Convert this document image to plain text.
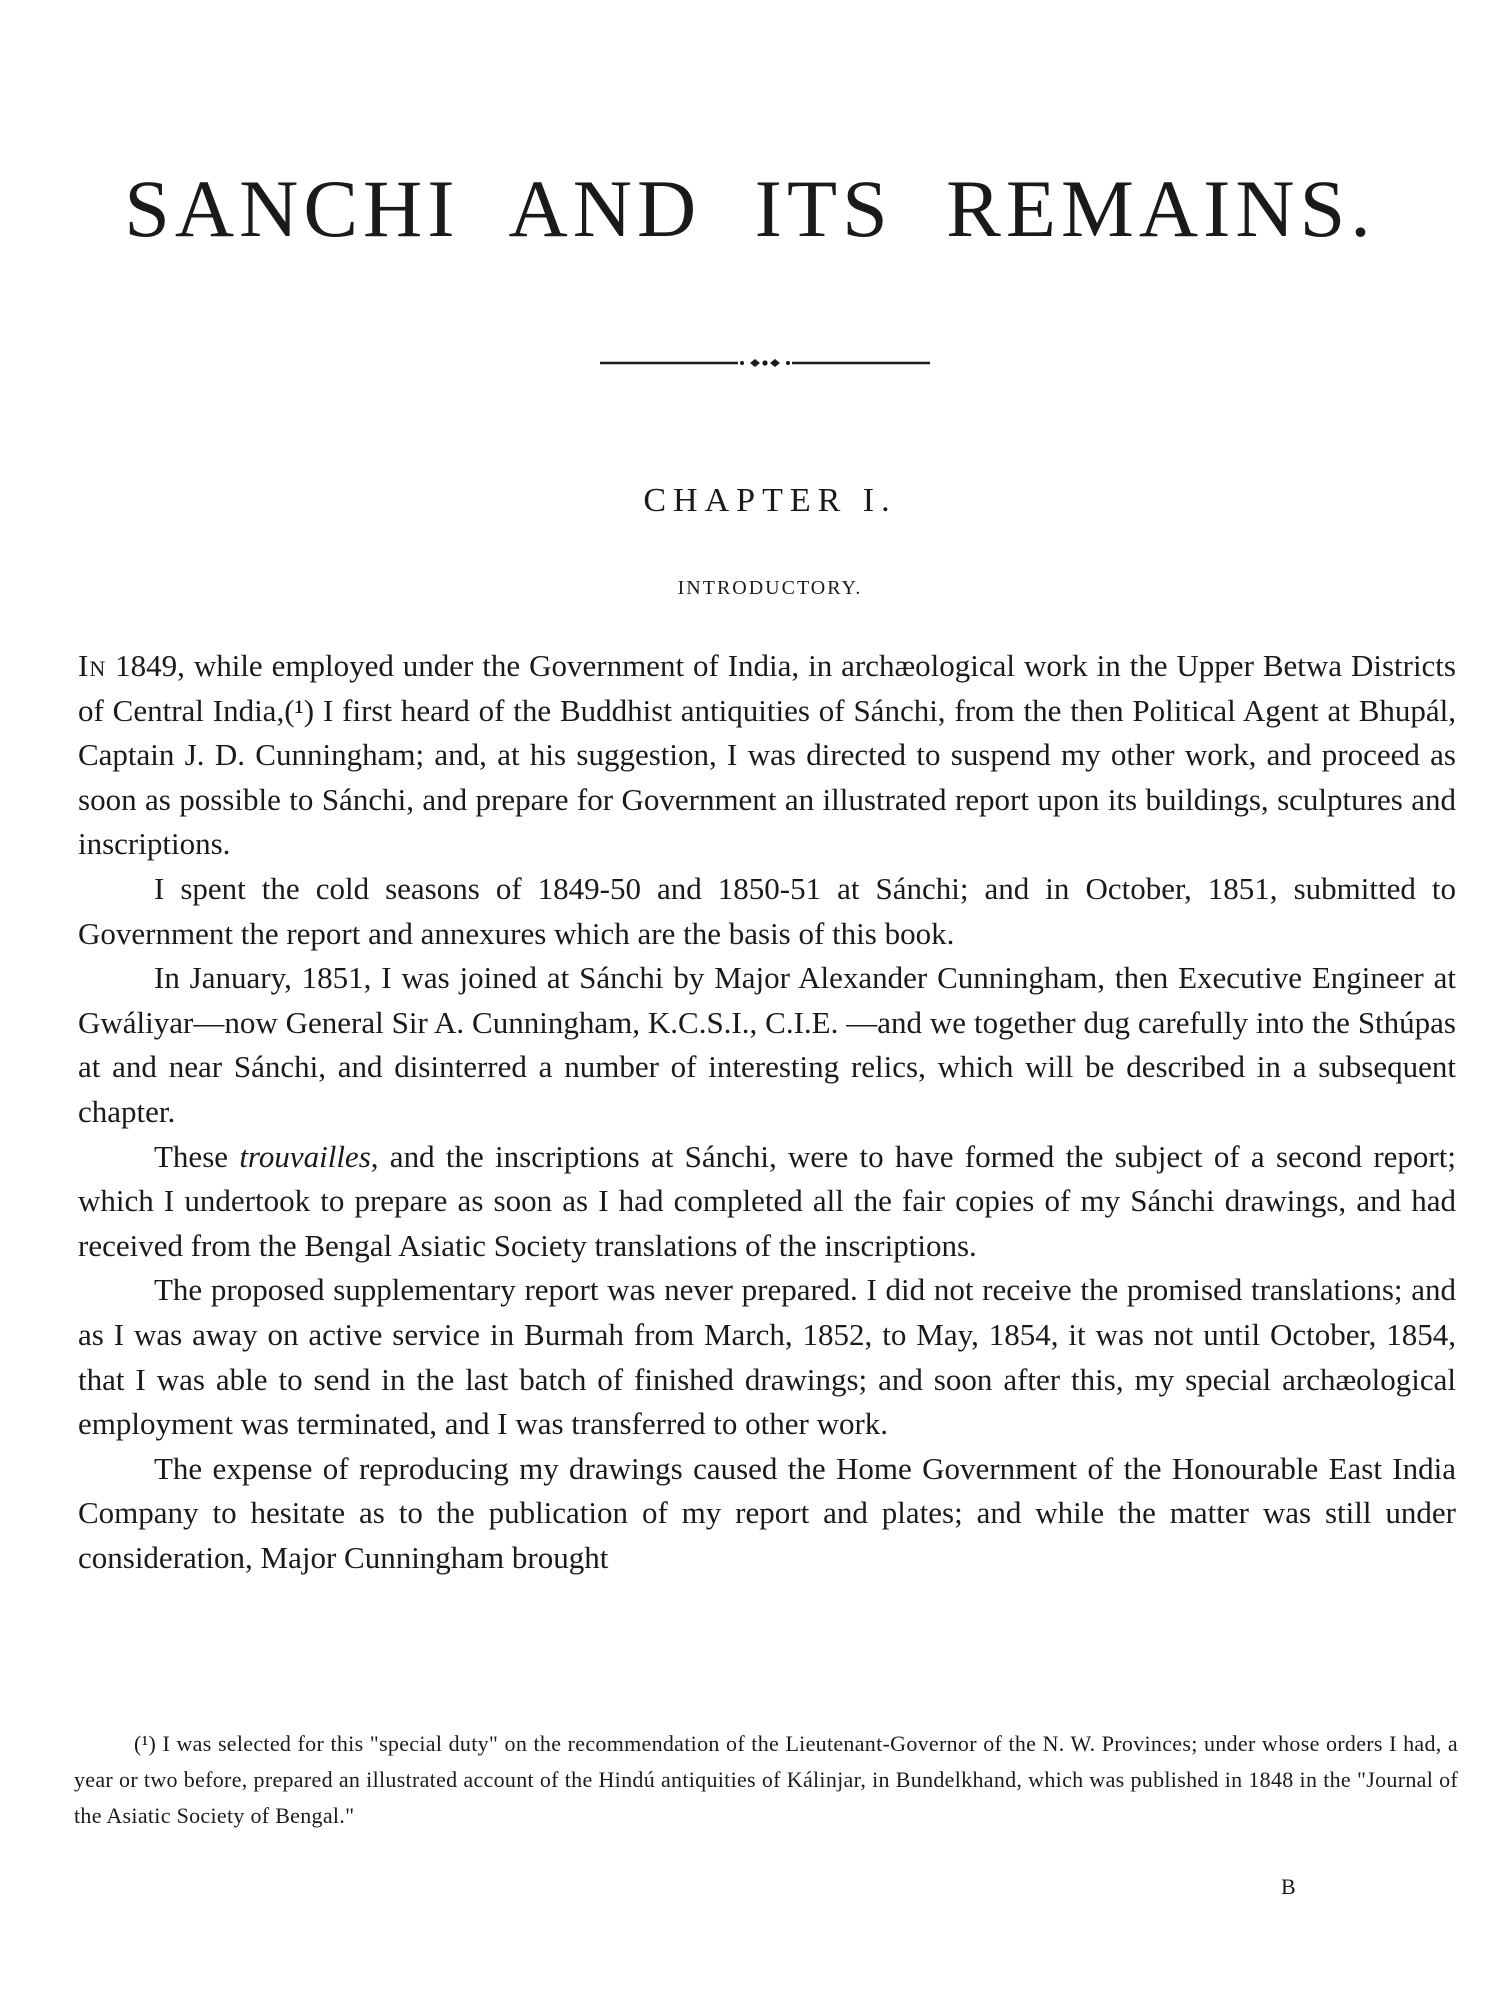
SANCHI AND ITS REMAINS.
CHAPTER I.
INTRODUCTORY.

In 1849, while employed under the Government of India, in archæological work in the Upper Betwa Districts of Central India,(¹) I first heard of the Buddhist antiquities of Sánchi, from the then Political Agent at Bhupál, Captain J. D. Cunningham; and, at his suggestion, I was directed to suspend my other work, and proceed as soon as possible to Sánchi, and prepare for Government an illustrated report upon its buildings, sculptures and inscriptions.

I spent the cold seasons of 1849-50 and 1850-51 at Sánchi; and in October, 1851, submitted to Government the report and annexures which are the basis of this book.

In January, 1851, I was joined at Sánchi by Major Alexander Cunningham, then Executive Engineer at Gwáliyar—now General Sir A. Cunningham, K.C.S.I., C.I.E. —and we together dug carefully into the Sthúpas at and near Sánchi, and disinterred a number of interesting relics, which will be described in a subsequent chapter.

These trouvailles, and the inscriptions at Sánchi, were to have formed the subject of a second report; which I undertook to prepare as soon as I had completed all the fair copies of my Sánchi drawings, and had received from the Bengal Asiatic Society translations of the inscriptions.

The proposed supplementary report was never prepared. I did not receive the promised translations; and as I was away on active service in Burmah from March, 1852, to May, 1854, it was not until October, 1854, that I was able to send in the last batch of finished drawings; and soon after this, my special archæological employment was terminated, and I was transferred to other work.

The expense of reproducing my drawings caused the Home Government of the Honourable East India Company to hesitate as to the publication of my report and plates; and while the matter was still under consideration, Major Cunningham brought

(¹) I was selected for this "special duty" on the recommendation of the Lieutenant-Governor of the N. W. Provinces; under whose orders I had, a year or two before, prepared an illustrated account of the Hindú antiquities of Kálinjar, in Bundelkhand, which was published in 1848 in the "Journal of the Asiatic Society of Bengal."

B
